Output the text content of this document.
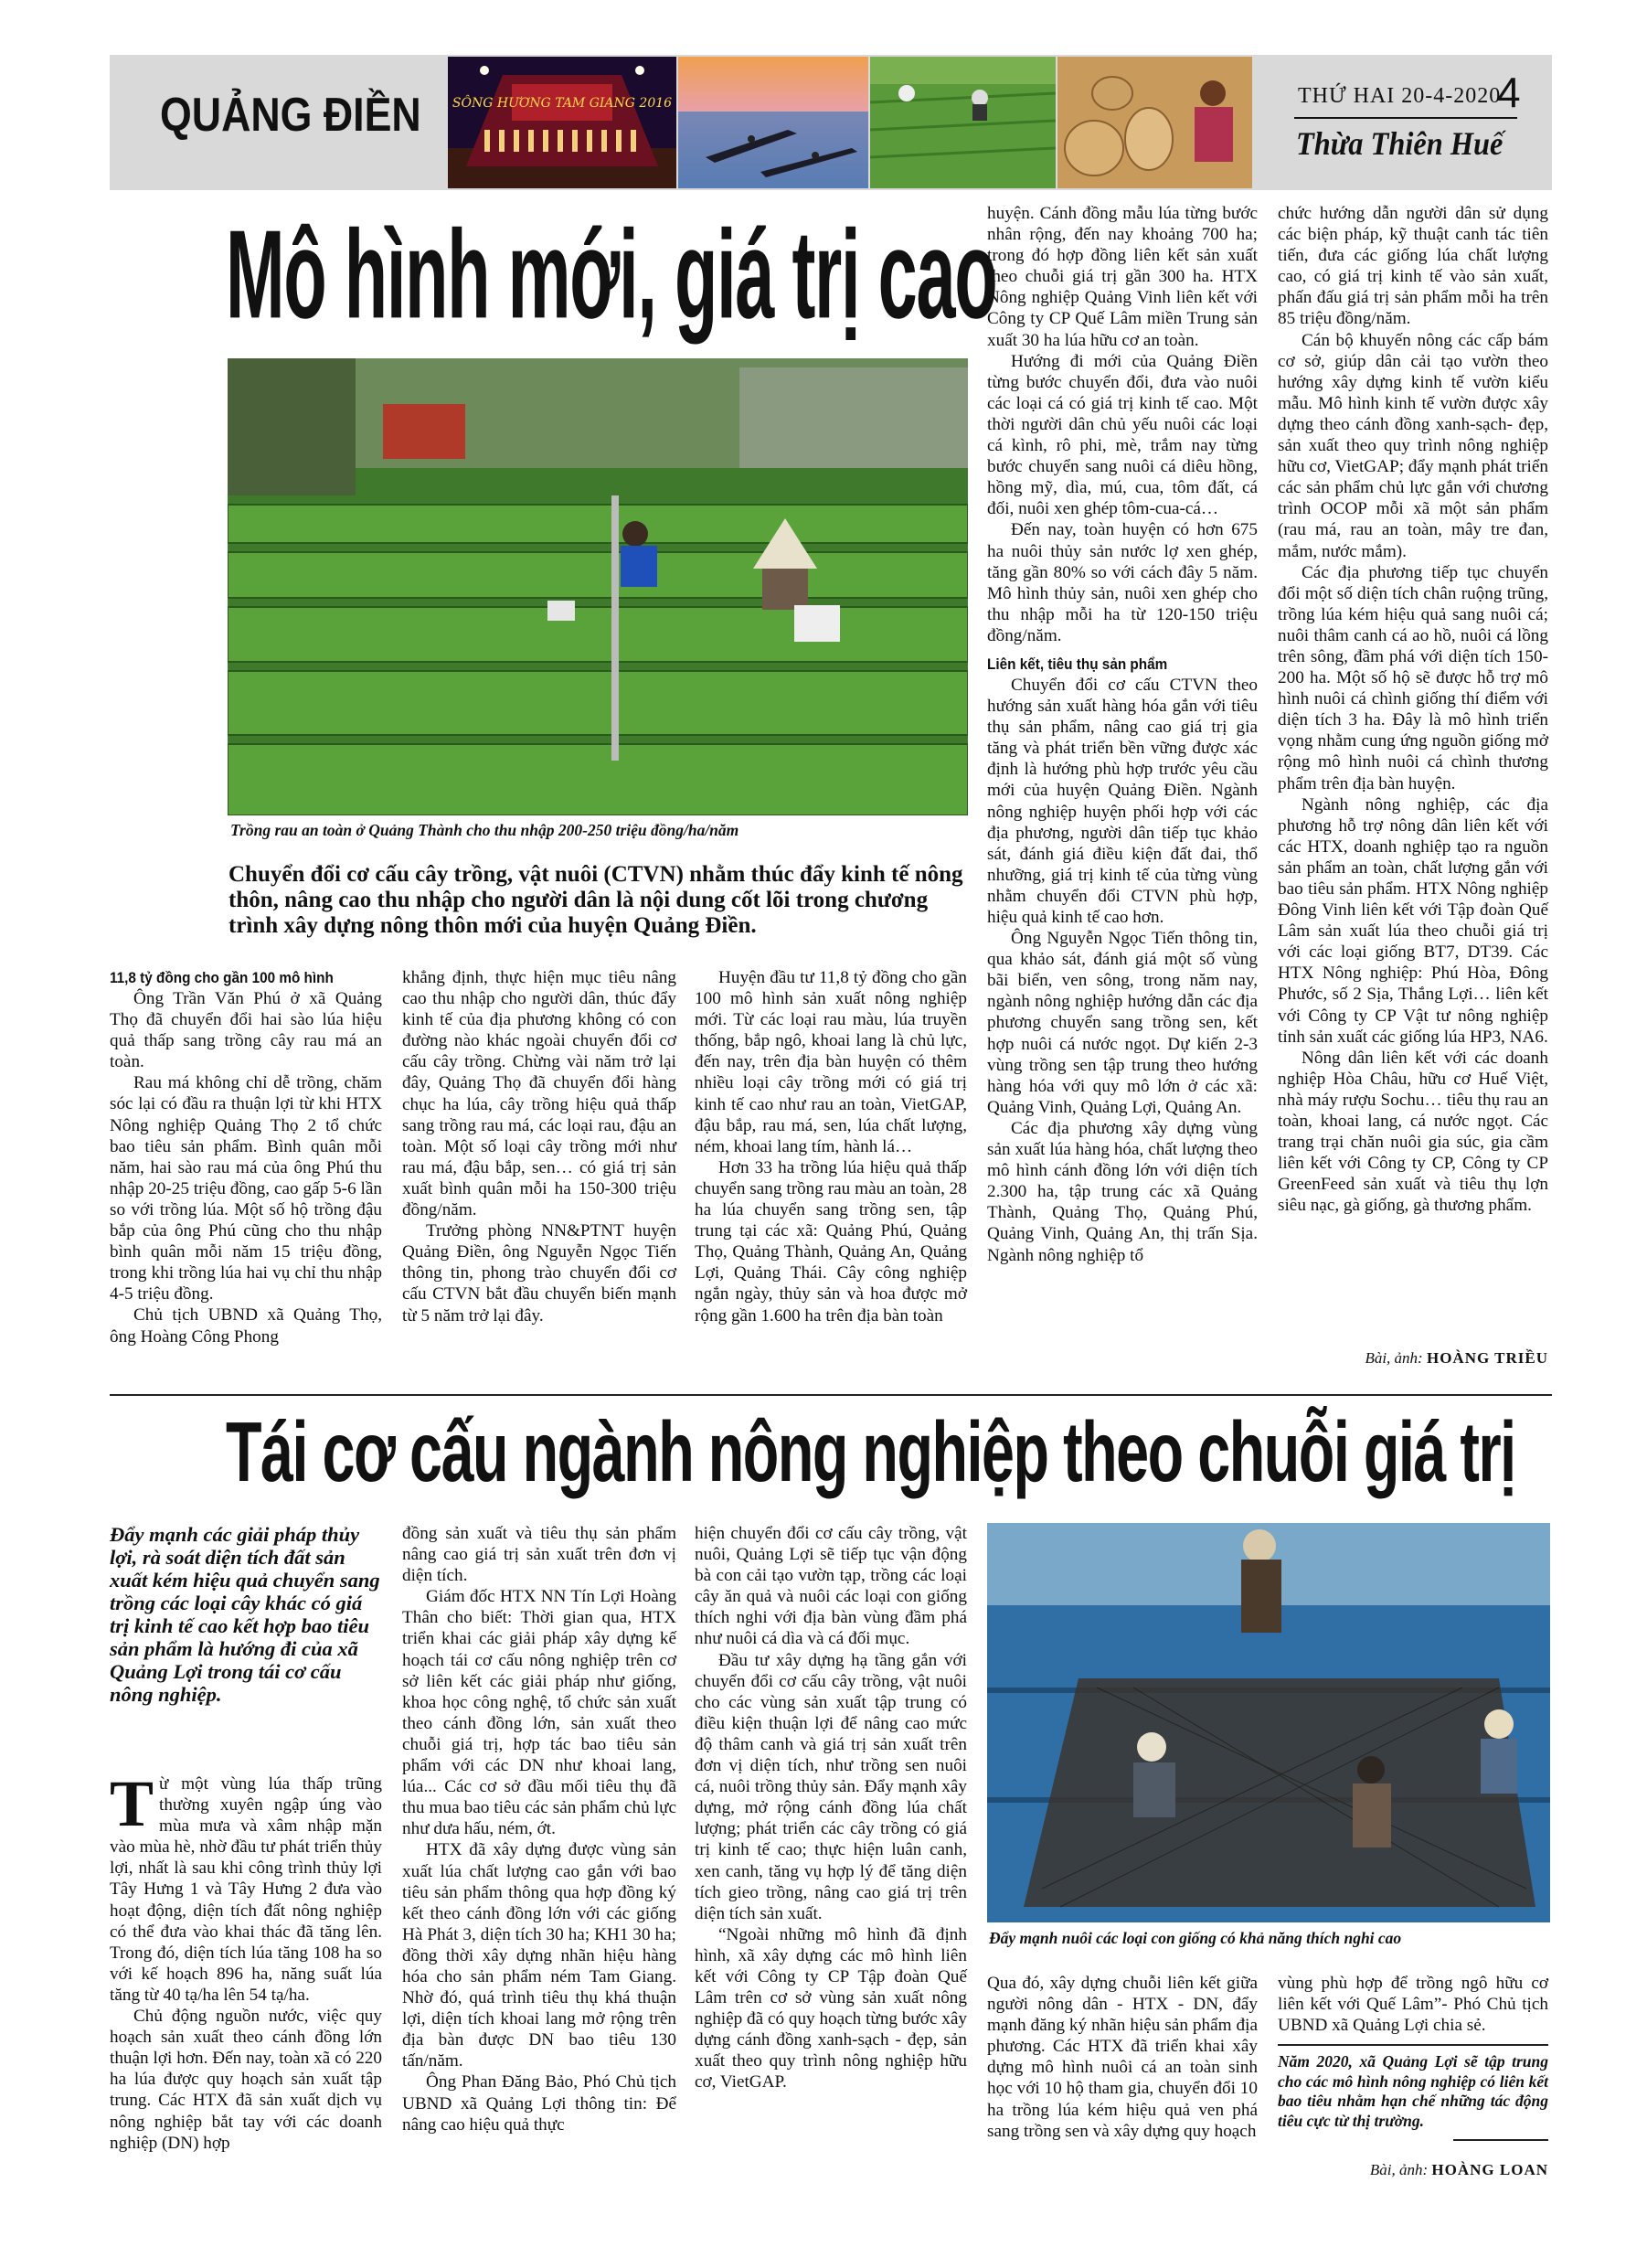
QUẢNG ĐIỀN SÔNG HƯƠNG TAM GIANG 2016	THỨ HAI 20-4-2020
4
Thừa Thiên Huế
Mô hình mới, giá trị cao
Trồng rau an toàn ở Quảng Thành cho thu nhập 200-250 triệu đồng/ha/năm
Chuyển đổi cơ cấu cây trồng, vật nuôi (CTVN) nhằm thúc đẩy kinh tế nông thôn, nâng cao thu nhập cho người dân là nội dung cốt lõi trong chương trình xây dựng nông thôn mới của huyện Quảng Điền.
11,8 tỷ đồng cho gần 100 mô hình

Ông Trần Văn Phú ở xã Quảng Thọ đã chuyển đổi hai sào lúa hiệu quả thấp sang trồng cây rau má an toàn.

Rau má không chỉ dễ trồng, chăm sóc lại có đầu ra thuận lợi từ khi HTX Nông nghiệp Quảng Thọ 2 tổ chức bao tiêu sản phẩm. Bình quân mỗi năm, hai sào rau má của ông Phú thu nhập 20-25 triệu đồng, cao gấp 5-6 lần so với trồng lúa. Một số hộ trồng đậu bắp của ông Phú cũng cho thu nhập bình quân mỗi năm 15 triệu đồng, trong khi trồng lúa hai vụ chỉ thu nhập 4-5 triệu đồng.

Chủ tịch UBND xã Quảng Thọ, ông Hoàng Công Phong

khẳng định, thực hiện mục tiêu nâng cao thu nhập cho người dân, thúc đẩy kinh tế của địa phương không có con đường nào khác ngoài chuyển đổi cơ cấu cây trồng. Chừng vài năm trở lại đây, Quảng Thọ đã chuyển đổi hàng chục ha lúa, cây trồng hiệu quả thấp sang trồng rau má, các loại rau, đậu an toàn. Một số loại cây trồng mới như rau má, đậu bắp, sen… có giá trị sản xuất bình quân mỗi ha 150-300 triệu đồng/năm.

Trưởng phòng NN&PTNT huyện Quảng Điền, ông Nguyễn Ngọc Tiến thông tin, phong trào chuyển đổi cơ cấu CTVN bắt đầu chuyển biến mạnh từ 5 năm trở lại đây.

Huyện đầu tư 11,8 tỷ đồng cho gần 100 mô hình sản xuất nông nghiệp mới. Từ các loại rau màu, lúa truyền thống, bắp ngô, khoai lang là chủ lực, đến nay, trên địa bàn huyện có thêm nhiều loại cây trồng mới có giá trị kinh tế cao như rau an toàn, VietGAP, đậu bắp, rau má, sen, lúa chất lượng, ném, khoai lang tím, hành lá…

Hơn 33 ha trồng lúa hiệu quả thấp chuyển sang trồng rau màu an toàn, 28 ha lúa chuyển sang trồng sen, tập trung tại các xã: Quảng Phú, Quảng Thọ, Quảng Thành, Quảng An, Quảng Lợi, Quảng Thái. Cây công nghiệp ngắn ngày, thủy sản và hoa được mở rộng gần 1.600 ha trên địa bàn toàn

huyện. Cánh đồng mẫu lúa từng bước nhân rộng, đến nay khoảng 700 ha; trong đó hợp đồng liên kết sản xuất theo chuỗi giá trị gần 300 ha. HTX Nông nghiệp Quảng Vinh liên kết với Công ty CP Quế Lâm miền Trung sản xuất 30 ha lúa hữu cơ an toàn.

Hướng đi mới của Quảng Điền từng bước chuyển đổi, đưa vào nuôi các loại cá có giá trị kinh tế cao. Một thời người dân chủ yếu nuôi các loại cá kình, rô phi, mè, trắm nay từng bước chuyển sang nuôi cá diêu hồng, hồng mỹ, dìa, mú, cua, tôm đất, cá đối, nuôi xen ghép tôm-cua-cá…

Đến nay, toàn huyện có hơn 675 ha nuôi thủy sản nước lợ xen ghép, tăng gần 80% so với cách đây 5 năm. Mô hình thủy sản, nuôi xen ghép cho thu nhập mỗi ha từ 120-150 triệu đồng/năm.

Liên kết, tiêu thụ sản phẩm

Chuyển đổi cơ cấu CTVN theo hướng sản xuất hàng hóa gắn với tiêu thụ sản phẩm, nâng cao giá trị gia tăng và phát triển bền vững được xác định là hướng phù hợp trước yêu cầu mới của huyện Quảng Điền. Ngành nông nghiệp huyện phối hợp với các địa phương, người dân tiếp tục khảo sát, đánh giá điều kiện đất đai, thổ nhưỡng, giá trị kinh tế của từng vùng nhằm chuyển đổi CTVN phù hợp, hiệu quả kinh tế cao hơn.

Ông Nguyễn Ngọc Tiến thông tin, qua khảo sát, đánh giá một số vùng bãi biển, ven sông, trong năm nay, ngành nông nghiệp hướng dẫn các địa phương chuyển sang trồng sen, kết hợp nuôi cá nước ngọt. Dự kiến 2-3 vùng trồng sen tập trung theo hướng hàng hóa với quy mô lớn ở các xã: Quảng Vinh, Quảng Lợi, Quảng An.

Các địa phương xây dựng vùng sản xuất lúa hàng hóa, chất lượng theo mô hình cánh đồng lớn với diện tích 2.300 ha, tập trung các xã Quảng Thành, Quảng Thọ, Quảng Phú, Quảng Vinh, Quảng An, thị trấn Sịa. Ngành nông nghiệp tổ

chức hướng dẫn người dân sử dụng các biện pháp, kỹ thuật canh tác tiên tiến, đưa các giống lúa chất lượng cao, có giá trị kinh tế vào sản xuất, phấn đấu giá trị sản phẩm mỗi ha trên 85 triệu đồng/năm.

Cán bộ khuyến nông các cấp bám cơ sở, giúp dân cải tạo vườn theo hướng xây dựng kinh tế vườn kiểu mẫu. Mô hình kinh tế vườn được xây dựng theo cánh đồng xanh-sạch- đẹp, sản xuất theo quy trình nông nghiệp hữu cơ, VietGAP; đẩy mạnh phát triển các sản phẩm chủ lực gắn với chương trình OCOP mỗi xã một sản phẩm (rau má, rau an toàn, mây tre đan, mắm, nước mắm).

Các địa phương tiếp tục chuyển đổi một số diện tích chân ruộng trũng, trồng lúa kém hiệu quả sang nuôi cá; nuôi thâm canh cá ao hồ, nuôi cá lồng trên sông, đầm phá với diện tích 150-200 ha. Một số hộ sẽ được hỗ trợ mô hình nuôi cá chình giống thí điểm với diện tích 3 ha. Đây là mô hình triển vọng nhằm cung ứng nguồn giống mở rộng mô hình nuôi cá chình thương phẩm trên địa bàn huyện.

Ngành nông nghiệp, các địa phương hỗ trợ nông dân liên kết với các HTX, doanh nghiệp tạo ra nguồn sản phẩm an toàn, chất lượng gắn với bao tiêu sản phẩm. HTX Nông nghiệp Đông Vinh liên kết với Tập đoàn Quế Lâm sản xuất lúa theo chuỗi giá trị với các loại giống BT7, DT39. Các HTX Nông nghiệp: Phú Hòa, Đông Phước, số 2 Sịa, Thắng Lợi… liên kết với Công ty CP Vật tư nông nghiệp tỉnh sản xuất các giống lúa HP3, NA6.

Nông dân liên kết với các doanh nghiệp Hòa Châu, hữu cơ Huế Việt, nhà máy rượu Sochu… tiêu thụ rau an toàn, khoai lang, cá nước ngọt. Các trang trại chăn nuôi gia súc, gia cầm liên kết với Công ty CP, Công ty CP GreenFeed sản xuất và tiêu thụ lợn siêu nạc, gà giống, gà thương phẩm.

Bài, ảnh: HOÀNG TRIỀU
Tái cơ cấu ngành nông nghiệp theo chuỗi giá trị
Đẩy mạnh các giải pháp thủy lợi, rà soát diện tích đất sản xuất kém hiệu quả chuyển sang trồng các loại cây khác có giá trị kinh tế cao kết hợp bao tiêu sản phẩm là hướng đi của xã Quảng Lợi trong tái cơ cấu nông nghiệp.
T ừ một vùng lúa thấp trũng thường xuyên ngập úng vào mùa mưa và xâm nhập mặn vào mùa hè, nhờ đầu tư phát triển thủy lợi, nhất là sau khi công trình thủy lợi Tây Hưng 1 và Tây Hưng 2 đưa vào hoạt động, diện tích đất nông nghiệp có thể đưa vào khai thác đã tăng lên. Trong đó, diện tích lúa tăng 108 ha so với kế hoạch 896 ha, năng suất lúa tăng từ 40 tạ/ha lên 54 tạ/ha.

Chủ động nguồn nước, việc quy hoạch sản xuất theo cánh đồng lớn thuận lợi hơn. Đến nay, toàn xã có 220 ha lúa được quy hoạch sản xuất tập trung. Các HTX đã sản xuất dịch vụ nông nghiệp bắt tay với các doanh nghiệp (DN) hợp

đồng sản xuất và tiêu thụ sản phẩm nâng cao giá trị sản xuất trên đơn vị diện tích.

Giám đốc HTX NN Tín Lợi Hoàng Thân cho biết: Thời gian qua, HTX triển khai các giải pháp xây dựng kế hoạch tái cơ cấu nông nghiệp trên cơ sở liên kết các giải pháp như giống, khoa học công nghệ, tổ chức sản xuất theo cánh đồng lớn, sản xuất theo chuỗi giá trị, hợp tác bao tiêu sản phẩm với các DN như khoai lang, lúa... Các cơ sở đầu mối tiêu thụ đã thu mua bao tiêu các sản phẩm chủ lực như dưa hấu, ném, ớt.

HTX đã xây dựng được vùng sản xuất lúa chất lượng cao gắn với bao tiêu sản phẩm thông qua hợp đồng ký kết theo cánh đồng lớn với các giống Hà Phát 3, diện tích 30 ha; KH1 30 ha; đồng thời xây dựng nhãn hiệu hàng hóa cho sản phẩm ném Tam Giang. Nhờ đó, quá trình tiêu thụ khá thuận lợi, diện tích khoai lang mở rộng trên địa bàn được DN bao tiêu 130 tấn/năm.

Ông Phan Đăng Bảo, Phó Chủ tịch UBND xã Quảng Lợi thông tin: Để nâng cao hiệu quả thực

hiện chuyển đổi cơ cấu cây trồng, vật nuôi, Quảng Lợi sẽ tiếp tục vận động bà con cải tạo vườn tạp, trồng các loại cây ăn quả và nuôi các loại con giống thích nghi với địa bàn vùng đầm phá như nuôi cá dìa và cá đối mục.

Đầu tư xây dựng hạ tầng gắn với chuyển đổi cơ cấu cây trồng, vật nuôi cho các vùng sản xuất tập trung có điều kiện thuận lợi để nâng cao mức độ thâm canh và giá trị sản xuất trên đơn vị diện tích, như trồng sen nuôi cá, nuôi trồng thủy sản. Đẩy mạnh xây dựng, mở rộng cánh đồng lúa chất lượng; phát triển các cây trồng có giá trị kinh tế cao; thực hiện luân canh, xen canh, tăng vụ hợp lý để tăng diện tích gieo trồng, nâng cao giá trị trên diện tích sản xuất.

“Ngoài những mô hình đã định hình, xã xây dựng các mô hình liên kết với Công ty CP Tập đoàn Quế Lâm trên cơ sở vùng sản xuất nông nghiệp đã có quy hoạch từng bước xây dựng cánh đồng xanh-sạch - đẹp, sản xuất theo quy trình nông nghiệp hữu cơ, VietGAP.

Đẩy mạnh nuôi các loại con giống có khả năng thích nghi cao

Qua đó, xây dựng chuỗi liên kết giữa người nông dân - HTX - DN, đẩy mạnh đăng ký nhãn hiệu sản phẩm địa phương. Các HTX đã triển khai xây dựng mô hình nuôi cá an toàn sinh học với 10 hộ tham gia, chuyển đổi 10 ha trồng lúa kém hiệu quả ven phá sang trồng sen và xây dựng quy hoạch

vùng phù hợp để trồng ngô hữu cơ liên kết với Quế Lâm”- Phó Chủ tịch UBND xã Quảng Lợi chia sẻ.

Năm 2020, xã Quảng Lợi sẽ tập trung cho các mô hình nông nghiệp có liên kết bao tiêu nhằm hạn chế những tác động tiêu cực từ thị trường.
Bài, ảnh: HOÀNG LOAN
